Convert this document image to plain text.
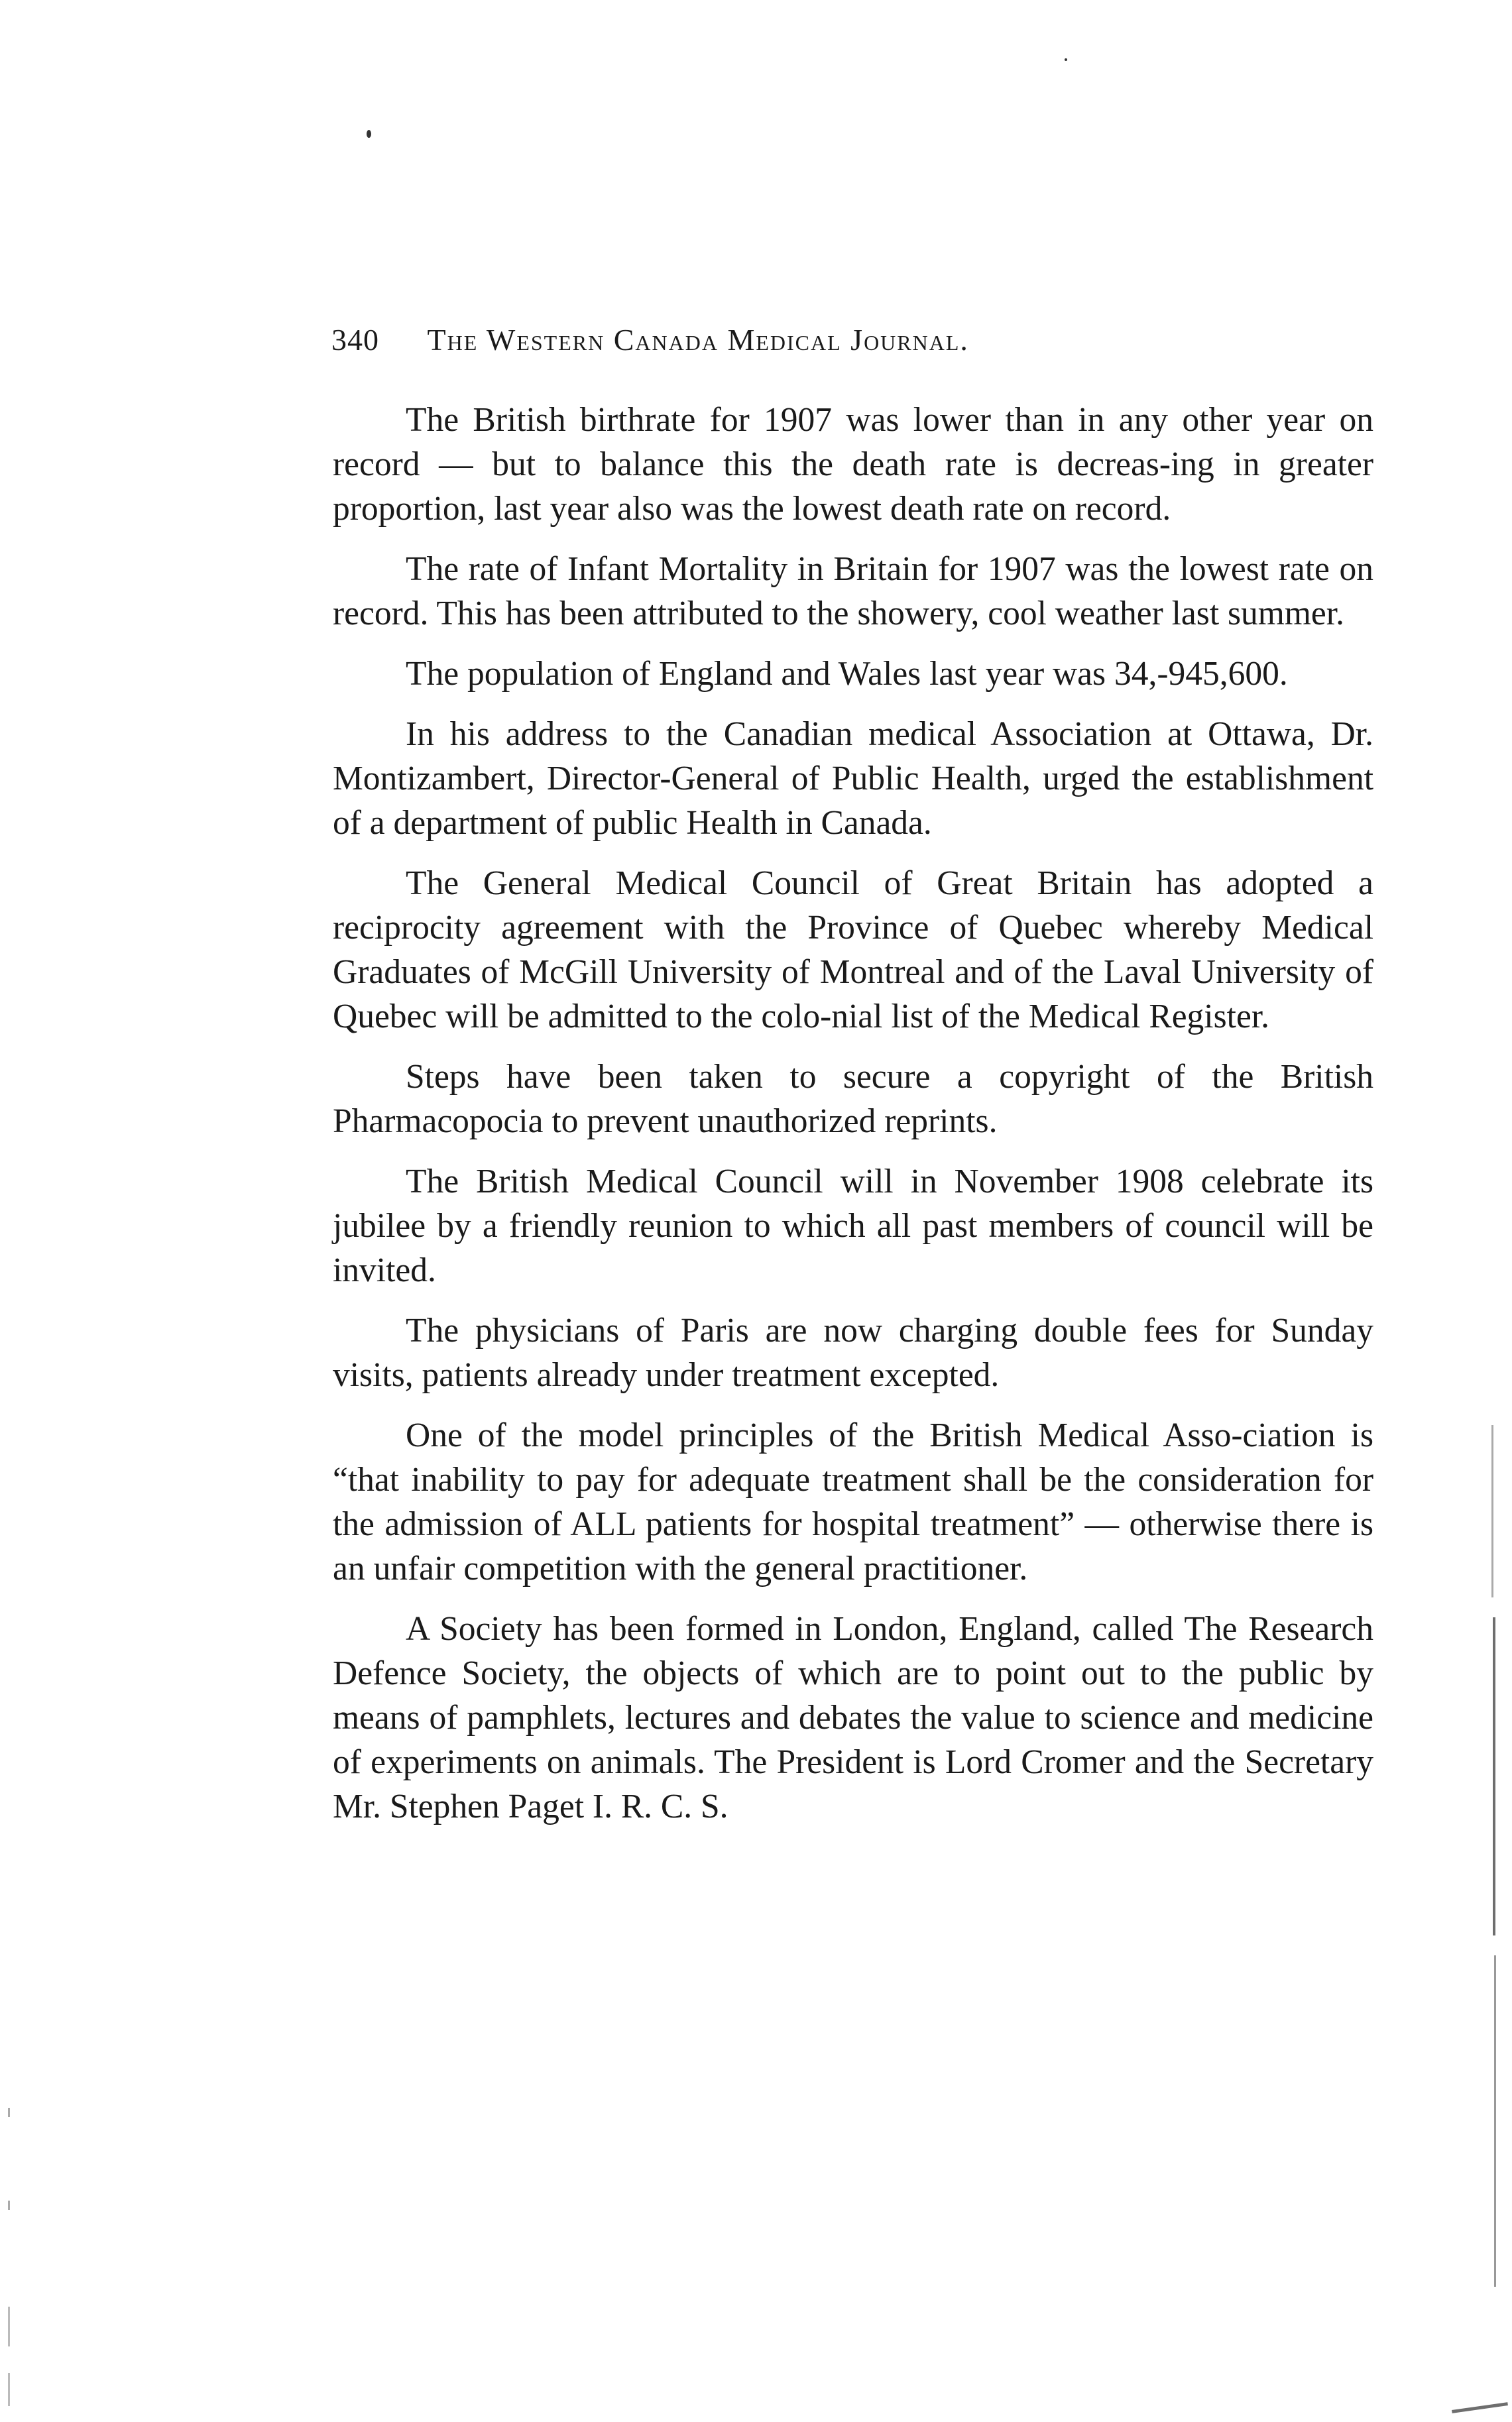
340 The Western Canada Medical Journal.

The British birthrate for 1907 was lower than in any other year on record — but to balance this the death rate is decreas-ing in greater proportion, last year also was the lowest death rate on record.

The rate of Infant Mortality in Britain for 1907 was the lowest rate on record. This has been attributed to the showery, cool weather last summer.

The population of England and Wales last year was 34,-945,600.

In his address to the Canadian medical Association at Ottawa, Dr. Montizambert, Director-General of Public Health, urged the establishment of a department of public Health in Canada.

The General Medical Council of Great Britain has adopted a reciprocity agreement with the Province of Quebec whereby Medical Graduates of McGill University of Montreal and of the Laval University of Quebec will be admitted to the colo-nial list of the Medical Register.

Steps have been taken to secure a copyright of the British Pharmacopocia to prevent unauthorized reprints.

The British Medical Council will in November 1908 celebrate its jubilee by a friendly reunion to which all past members of council will be invited.

The physicians of Paris are now charging double fees for Sunday visits, patients already under treatment excepted.

One of the model principles of the British Medical Asso-ciation is “that inability to pay for adequate treatment shall be the consideration for the admission of ALL patients for hospital treatment” — otherwise there is an unfair competition with the general practitioner.

A Society has been formed in London, England, called The Research Defence Society, the objects of which are to point out to the public by means of pamphlets, lectures and debates the value to science and medicine of experiments on animals. The President is Lord Cromer and the Secretary Mr. Stephen Paget I. R. C. S.
